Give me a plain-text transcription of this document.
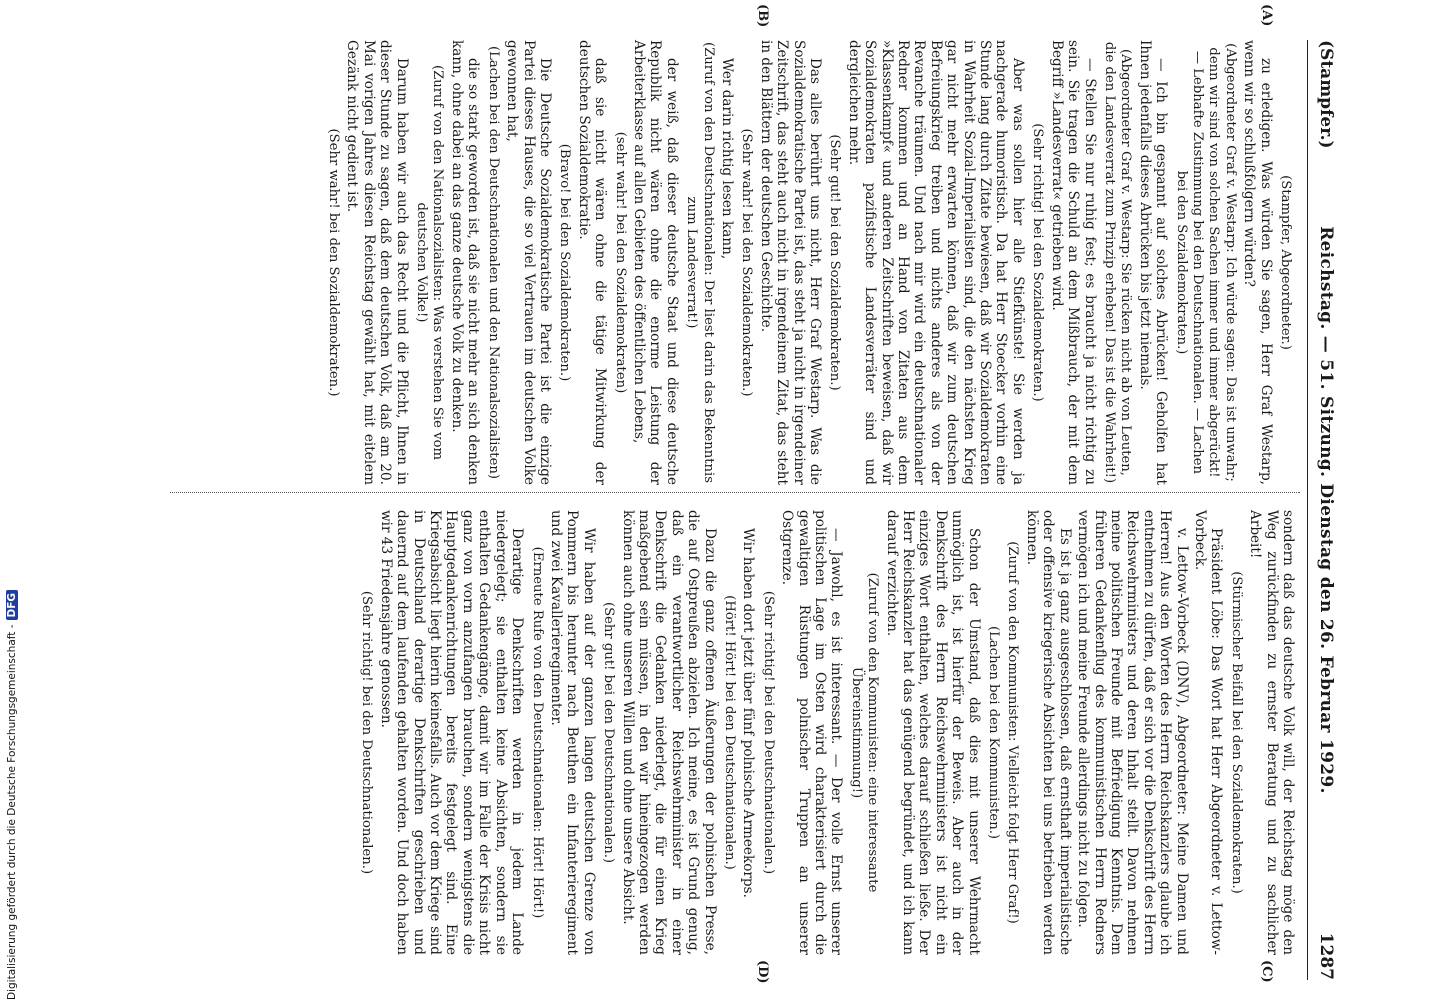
(Stampfer.)
Reichstag. — 51. Sitzung. Dienstag den 26. Februar 1929.
1287
(A)
(B)
(C)
(D)

(Stampfer, Abgeordneter.)

zu erledigen. Was würden Sie sagen, Herr Graf Westarp, wenn wir so schlußfolgern würden?

(Abgeordneter Graf v. Westarp: Ich würde sagen: Das ist unwahr; denn wir sind von solchen Sachen immer und immer abgerückt! — Lebhafte Zustimmung bei den Deutschnationalen. — Lachen bei den Sozialdemokraten.)

— Ich bin gespannt auf solches Abrücken! Geholfen hat Ihnen jedenfalls dieses Abrücken bis jetzt niemals.

(Abgeordneter Graf v. Westarp: Sie rücken nicht ab von Leuten, die den Landesverrat zum Prinzip erheben! Das ist die Wahrheit!)

— Stellen Sie nur ruhig fest; es braucht ja nicht richtig zu sein. Sie tragen die Schuld an dem Mißbrauch, der mit dem Begriff »Landesverrat« getrieben wird.

(Sehr richtig! bei den Sozialdemokraten.)

Aber was sollen hier alle Stiefkünste! Sie werden ja nachgerade humoristisch. Da hat Herr Stoecker vorhin eine Stunde lang durch Zitate bewiesen, daß wir Sozialdemokraten in Wahrheit Sozial-Imperialisten sind, die den nächsten Krieg gar nicht mehr erwarten können, daß wir zum deutschen Befreiungskrieg treiben und nichts anderes als von der Revanche träumen. Und nach mir wird ein deutschnationaler Redner kommen und an Hand von Zitaten aus dem »Klassenkampf« und anderen Zeitschriften beweisen, daß wir Sozialdemokraten pazifistische Landesverräter sind und dergleichen mehr.

(Sehr gut! bei den Sozialdemokraten.)

Das alles berührt uns nicht, Herr Graf Westarp. Was die Sozialdemokratische Partei ist, das steht ja nicht in irgendeiner Zeitschrift, das steht auch nicht in irgendeinem Zitat, das steht in den Blättern der deutschen Geschichte.

(Sehr wahr! bei den Sozialdemokraten.)

Wer darin richtig lesen kann,

(Zuruf von den Deutschnationalen: Der liest darin das Bekenntnis zum Landesverrat!)

der weiß, daß dieser deutsche Staat und diese deutsche Republik nicht wären ohne die enorme Leistung der Arbeiterklasse auf allen Gebieten des öffentlichen Lebens,

(sehr wahr! bei den Sozialdemokraten)

daß sie nicht wären ohne die tätige Mitwirkung der deutschen Sozialdemokratie.

(Bravo! bei den Sozialdemokraten.)

Die Deutsche Sozialdemokratische Partei ist die einzige Partei dieses Hauses, die so viel Vertrauen im deutschen Volke gewonnen hat,

(Lachen bei den Deutschnationalen und den Nationalsozialisten)

die so stark geworden ist, daß sie nicht mehr an sich denken kann, ohne dabei an das ganze deutsche Volk zu denken.

(Zuruf von den Nationalsozialisten: Was verstehen Sie vom deutschen Volke!)

Darum haben wir auch das Recht und die Pflicht, Ihnen in dieser Stunde zu sagen, daß dem deutschen Volk, daß am 20. Mai vorigen Jahres diesen Reichstag gewählt hat, mit eitelem Gezänk nicht gedient ist.

(Sehr wahr! bei den Sozialdemokraten.)

sondern daß das deutsche Volk will, der Reichstag möge den Weg zurückfinden zu ernster Beratung und zu sachlicher Arbeit!

(Stürmischer Beifall bei den Sozialdemokraten.)

Präsident Löbe: Das Wort hat Herr Abgeordneter v. Lettow-Vorbeck.

v. Lettow-Vorbeck (DNV), Abgeordneter: Meine Damen und Herren! Aus den Worten des Herrn Reichskanzlers glaube ich entnehmen zu dürfen, daß er sich vor die Denkschrift des Herrn Reichswehrministers und deren Inhalt stellt. Davon nehmen meine politischen Freunde mit Befriedigung Kenntnis. Dem früheren Gedankenflug des kommunistischen Herrn Redners vermögen ich und meine Freunde allerdings nicht zu folgen.

Es ist ja ganz ausgeschlossen, daß ernsthaft imperialistische oder offensive kriegerische Absichten bei uns betrieben werden können.

(Zuruf von den Kommunisten: Vielleicht folgt Herr Graf!)

(Lachen bei den Kommunisten.)

Schon der Umstand, daß dies mit unserer Wehrmacht unmöglich ist, ist hierfür der Beweis. Aber auch in der Denkschrift des Herrn Reichswehrministers ist nicht ein einziges Wort enthalten, welches darauf schließen ließe. Der Herr Reichskanzler hat das genügend begründet, und ich kann darauf verzichten.

(Zuruf von den Kommunisten: eine interessante Übereinstimmung!)

— Jawohl, es ist interessant. — Der volle Ernst unserer politischen Lage im Osten wird charakterisiert durch die gewaltigen Rüstungen polnischer Truppen an unserer Ostgrenze.

(Sehr richtig! bei den Deutschnationalen.)

Wir haben dort jetzt über fünf polnische Armeekorps.

(Hört! Hört! bei den Deutschnationalen.)

Dazu die ganz offenen Äußerungen der polnischen Presse, die auf Ostpreußen abzielen. Ich meine, es ist Grund genug, daß ein verantwortlicher Reichswehrminister in einer Denkschrift die Gedanken niederlegt, die für einen Krieg maßgebend sein müssen, in den wir hineingezogen werden können auch ohne unseren Willen und ohne unsere Absicht.

(Sehr gut! bei den Deutschnationalen.)

Wir haben auf der ganzen langen deutschen Grenze von Pommern bis herunter nach Beuthen ein Infanterieregiment und zwei Kavallerieregimenter.

(Erneute Rufe von den Deutschnationalen: Hört! Hört!)

Derartige Denkschriften werden in jedem Lande niedergelegt; sie enthalten keine Absichten, sondern sie enthalten Gedankengänge, damit wir im Falle der Krisis nicht ganz von vorn anzufangen brauchen, sondern wenigstens die Hauptgedankenrichtungen bereits festgelegt sind. Eine Kriegsabsicht liegt hierin keinesfalls. Auch vor dem Kriege sind in Deutschland derartige Denkschriften geschrieben und dauernd auf dem laufenden gehalten worden. Und doch haben wir 43 Friedensjahre genossen.

(Sehr richtig! bei den Deutschnationalen.)

Digitalisierung gefördert durch die Deutsche Forschungsgemeinschaft -DFG
